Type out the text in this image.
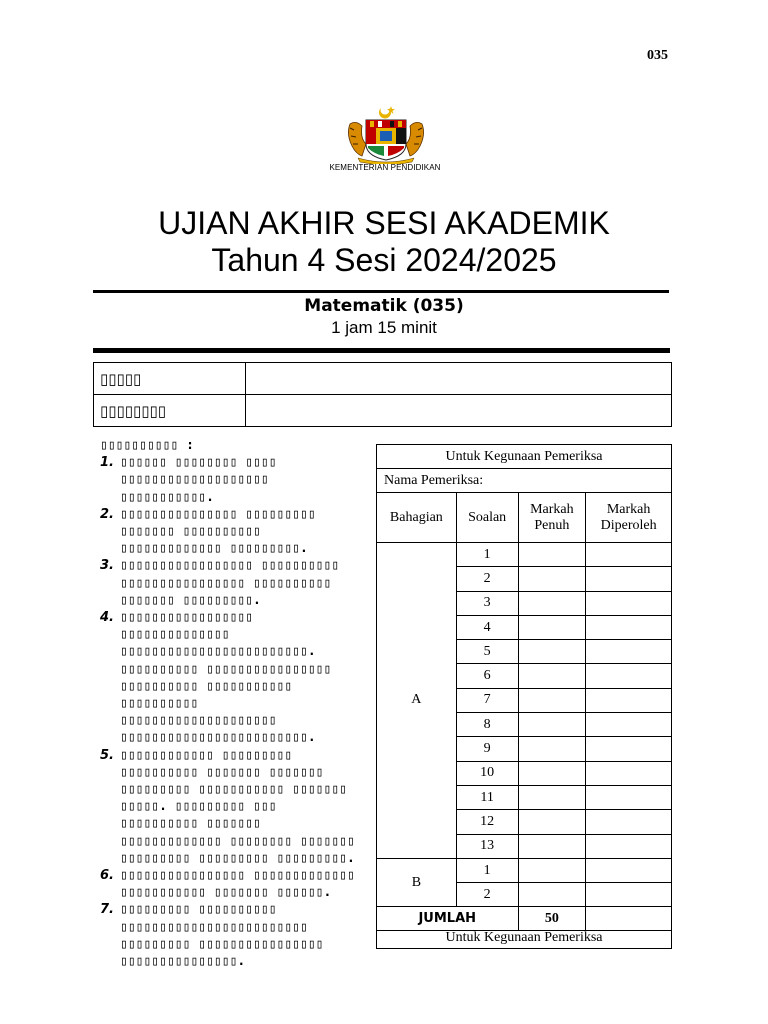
035
KEMENTERIAN PENDIDIKAN
UJIAN AKHIR SESI AKADEMIK
Tahun 4 Sesi 2024/2025
Matematik (035)
1 jam 15 minit
▯▯▯▯▯	
▯▯▯▯▯▯▯▯	
▯▯▯▯▯▯▯▯▯▯ :
1. ▯▯▯▯▯▯ ▯▯▯▯▯▯▯▯ ▯▯▯▯ ▯▯▯▯▯▯▯▯▯▯▯▯▯▯▯▯▯▯▯ ▯▯▯▯▯▯▯▯▯▯▯.
2. ▯▯▯▯▯▯▯▯▯▯▯▯▯▯▯ ▯▯▯▯▯▯▯▯▯ ▯▯▯▯▯▯▯ ▯▯▯▯▯▯▯▯▯▯ ▯▯▯▯▯▯▯▯▯▯▯▯▯ ▯▯▯▯▯▯▯▯▯.
3. ▯▯▯▯▯▯▯▯▯▯▯▯▯▯▯▯▯ ▯▯▯▯▯▯▯▯▯▯ ▯▯▯▯▯▯▯▯▯▯▯▯▯▯▯▯ ▯▯▯▯▯▯▯▯▯▯ ▯▯▯▯▯▯▯ ▯▯▯▯▯▯▯▯▯.
4. ▯▯▯▯▯▯▯▯▯▯▯▯▯▯▯▯▯ ▯▯▯▯▯▯▯▯▯▯▯▯▯▯ ▯▯▯▯▯▯▯▯▯▯▯▯▯▯▯▯▯▯▯▯▯▯▯▯. ▯▯▯▯▯▯▯▯▯▯ ▯▯▯▯▯▯▯▯▯▯▯▯▯▯▯▯ ▯▯▯▯▯▯▯▯▯▯ ▯▯▯▯▯▯▯▯▯▯▯ ▯▯▯▯▯▯▯▯▯▯ ▯▯▯▯▯▯▯▯▯▯▯▯▯▯▯▯▯▯▯▯ ▯▯▯▯▯▯▯▯▯▯▯▯▯▯▯▯▯▯▯▯▯▯▯▯.
5. ▯▯▯▯▯▯▯▯▯▯▯▯ ▯▯▯▯▯▯▯▯▯ ▯▯▯▯▯▯▯▯▯▯ ▯▯▯▯▯▯▯ ▯▯▯▯▯▯▯ ▯▯▯▯▯▯▯▯▯ ▯▯▯▯▯▯▯▯▯▯▯ ▯▯▯▯▯▯▯ ▯▯▯▯▯. ▯▯▯▯▯▯▯▯▯ ▯▯▯ ▯▯▯▯▯▯▯▯▯▯ ▯▯▯▯▯▯▯ ▯▯▯▯▯▯▯▯▯▯▯▯▯ ▯▯▯▯▯▯▯▯ ▯▯▯▯▯▯▯ ▯▯▯▯▯▯▯▯▯ ▯▯▯▯▯▯▯▯▯ ▯▯▯▯▯▯▯▯▯.
6. ▯▯▯▯▯▯▯▯▯▯▯▯▯▯▯▯ ▯▯▯▯▯▯▯▯▯▯▯▯▯ ▯▯▯▯▯▯▯▯▯▯▯ ▯▯▯▯▯▯▯ ▯▯▯▯▯▯.
7. ▯▯▯▯▯▯▯▯▯ ▯▯▯▯▯▯▯▯▯▯ ▯▯▯▯▯▯▯▯▯▯▯▯▯▯▯▯▯▯▯▯▯▯▯▯ ▯▯▯▯▯▯▯▯▯ ▯▯▯▯▯▯▯▯▯▯▯▯▯▯▯▯ ▯▯▯▯▯▯▯▯▯▯▯▯▯▯▯.
Untuk Kegunaan Pemeriksa			
Nama Pemeriksa:			
Bahagian	Soalan	Markah Penuh	Markah Diperoleh
A	1		
	2		
	3		
	4		
	5		
	6		
	7		
	8		
	9		
	10		
	11		
	12		
	13		
B	1		
	2		
JUMLAH		50	
Untuk Kegunaan Pemeriksa			
